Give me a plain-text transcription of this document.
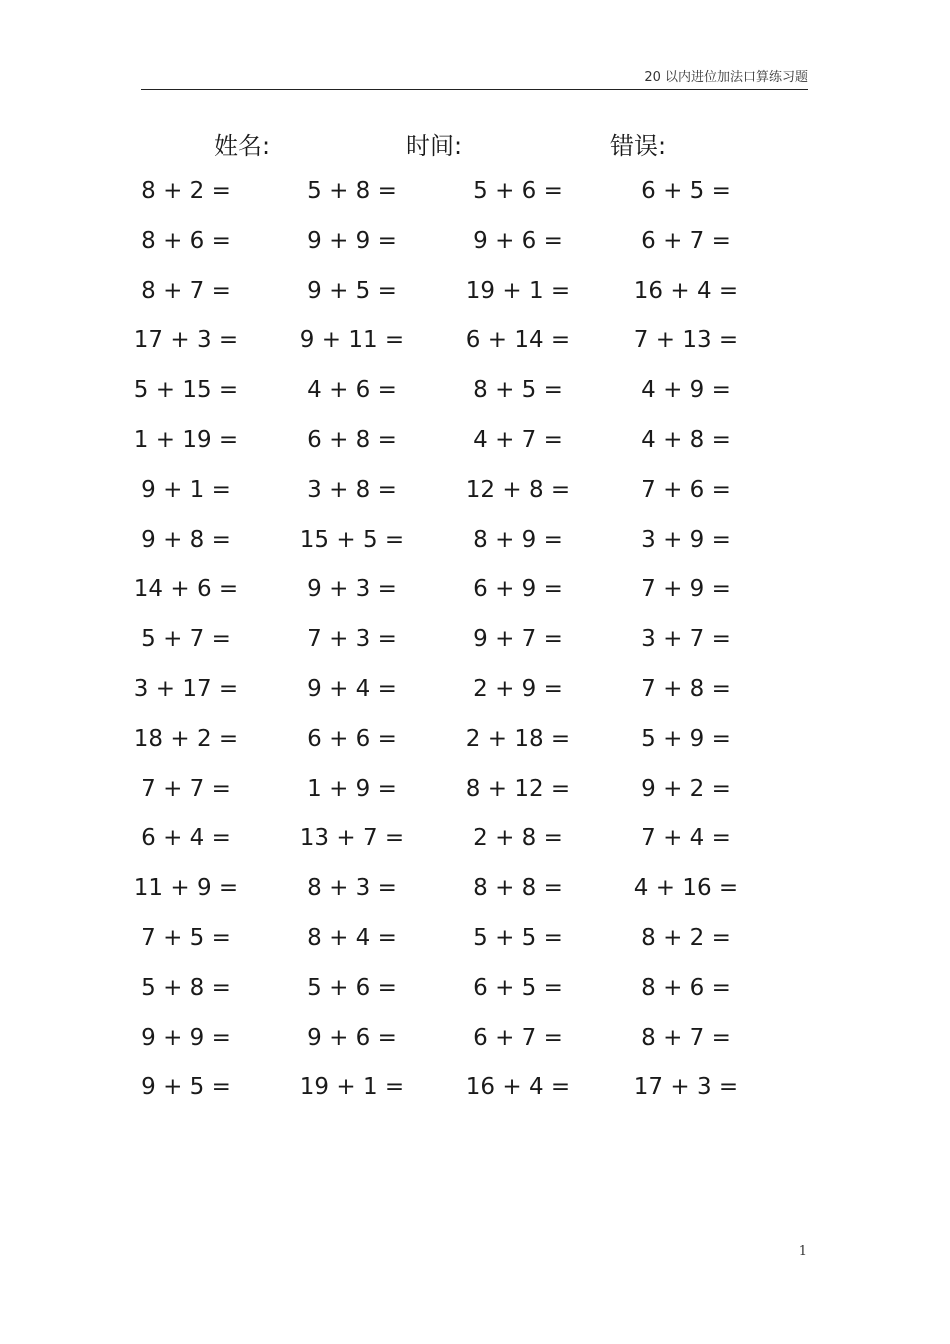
20 以内进位加法口算练习题
姓名:	时间:	错误:
8 + 2 =	5 + 8 =	5 + 6 =	6 + 5 =
8 + 6 =	9 + 9 =	9 + 6 =	6 + 7 =
8 + 7 =	9 + 5 =	19 + 1 =	16 + 4 =
17 + 3 =	9 + 11 =	6 + 14 =	7 + 13 =
5 + 15 =	4 + 6 =	8 + 5 =	4 + 9 =
1 + 19 =	6 + 8 =	4 + 7 =	4 + 8 =
9 + 1 =	3 + 8 =	12 + 8 =	7 + 6 =
9 + 8 =	15 + 5 =	8 + 9 =	3 + 9 =
14 + 6 =	9 + 3 =	6 + 9 =	7 + 9 =
5 + 7 =	7 + 3 =	9 + 7 =	3 + 7 =
3 + 17 =	9 + 4 =	2 + 9 =	7 + 8 =
18 + 2 =	6 + 6 =	2 + 18 =	5 + 9 =
7 + 7 =	1 + 9 =	8 + 12 =	9 + 2 =
6 + 4 =	13 + 7 =	2 + 8 =	7 + 4 =
11 + 9 =	8 + 3 =	8 + 8 =	4 + 16 =
7 + 5 =	8 + 4 =	5 + 5 =	8 + 2 =
5 + 8 =	5 + 6 =	6 + 5 =	8 + 6 =
9 + 9 =	9 + 6 =	6 + 7 =	8 + 7 =
9 + 5 =	19 + 1 =	16 + 4 =	17 + 3 =
1
